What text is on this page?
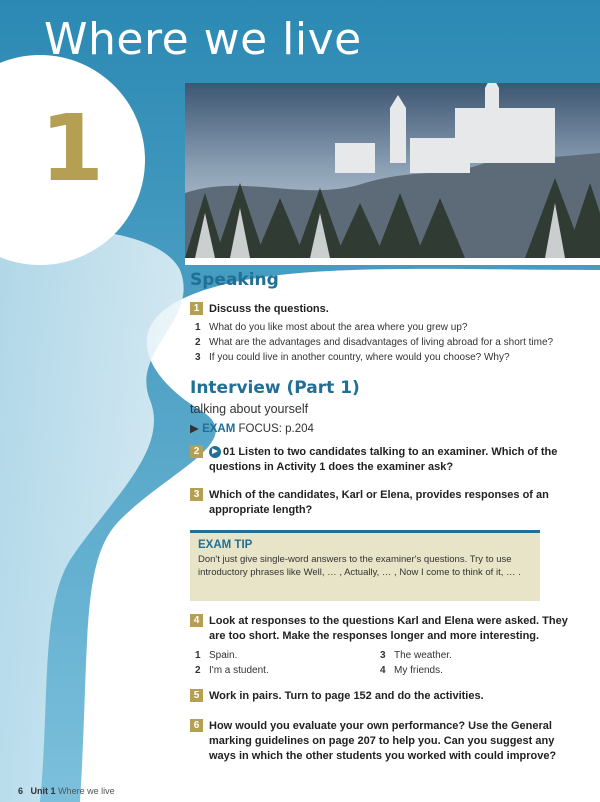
Where we live
1
Speaking
1 Discuss the questions.
1 What do you like most about the area where you grew up?
2 What are the advantages and disadvantages of living abroad for a short time?
3 If you could live in another country, where would you choose? Why?
Interview (Part 1)
talking about yourself
▶ EXAM FOCUS: p.204
2 ▶ 01 Listen to two candidates talking to an examiner. Which of the questions in Activity 1 does the examiner ask?
3 Which of the candidates, Karl or Elena, provides responses of an appropriate length?
EXAM TIP
Don't just give single-word answers to the examiner's questions. Try to use introductory phrases like Well, … , Actually, … , Now I come to think of it, … .
4 Look at responses to the questions Karl and Elena were asked. They are too short. Make the responses longer and more interesting.
1 Spain.
2 I'm a student.
3 The weather.
4 My friends.
5 Work in pairs. Turn to page 152 and do the activities.
6 How would you evaluate your own performance? Use the General marking guidelines on page 207 to help you. Can you suggest any ways in which the other students you worked with could improve?
6 Unit 1 Where we live
